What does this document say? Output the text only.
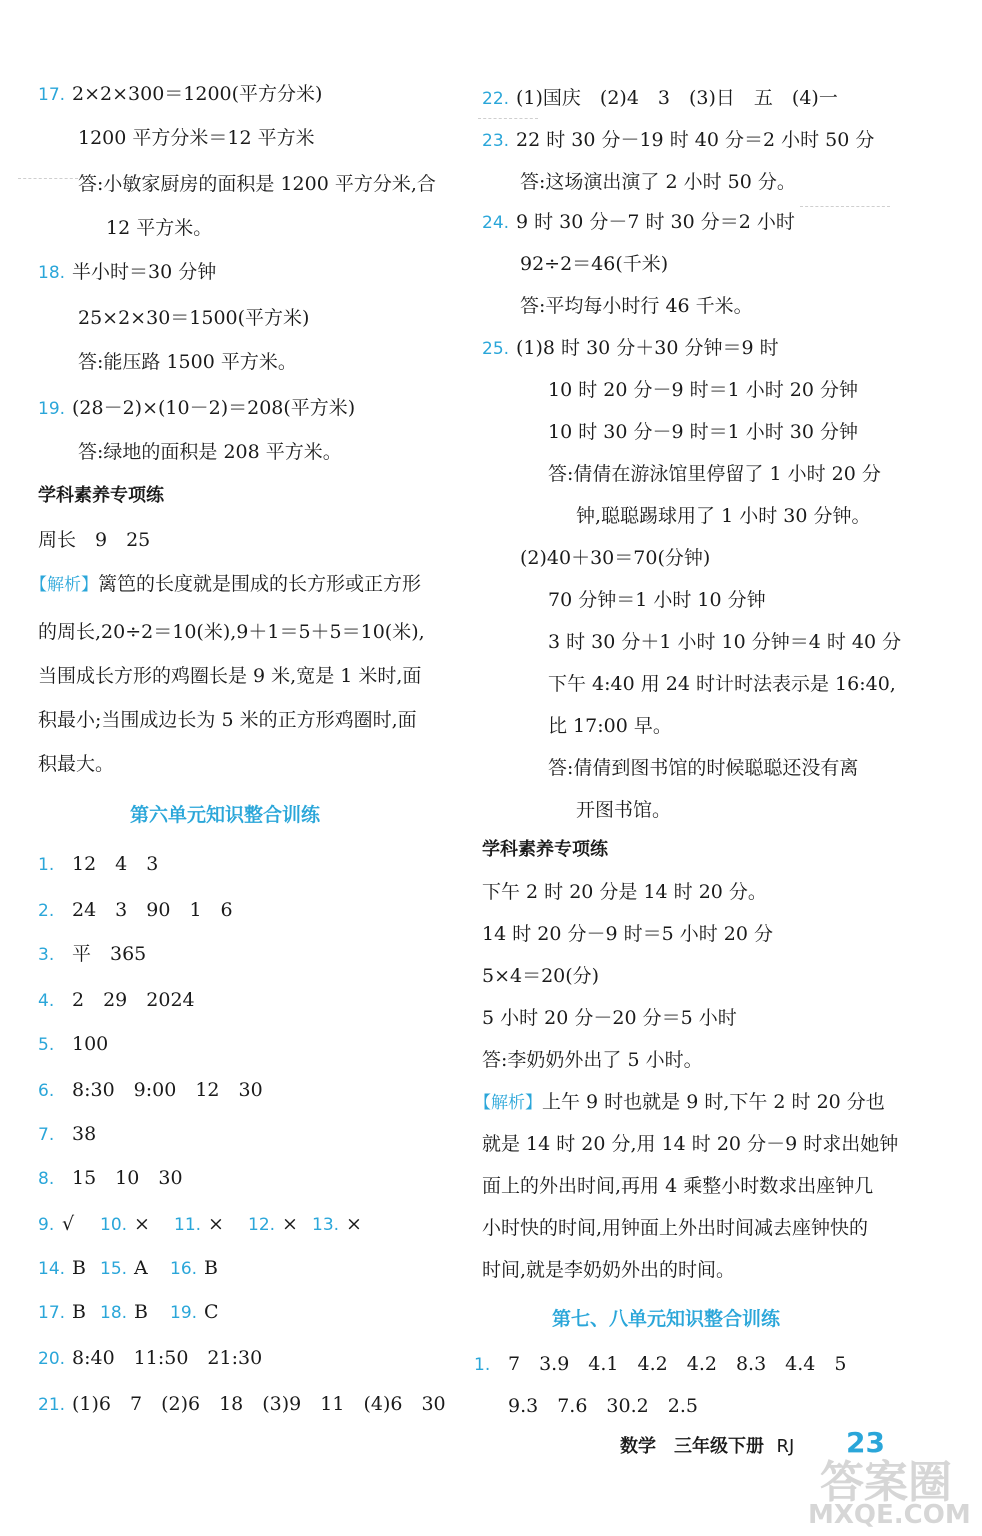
17. 2×2×300＝1200(平方分米)
1200 平方分米＝12 平方米
答:小敏家厨房的面积是 1200 平方分米,合
12 平方米。
18. 半小时＝30 分钟
25×2×30＝1500(平方米)
答:能压路 1500 平方米。
19. (28－2)×(10－2)＝208(平方米)
答:绿地的面积是 208 平方米。
学科素养专项练
周长　9　25
【解析】篱笆的长度就是围成的长方形或正方形
的周长,20÷2＝10(米),9＋1＝5＋5＝10(米),
当围成长方形的鸡圈长是 9 米,宽是 1 米时,面
积最小;当围成边长为 5 米的正方形鸡圈时,面
积最大。
第六单元知识整合训练
1. 12　4　3
2. 24　3　90　1　6
3. 平　365
4. 2　29　2024
5. 100
6. 8:30　9:00　12　30
7. 38
8. 15　10　30
9. √ 10. × 11. × 12. × 13. ×
14. B 15. A 16. B
17. B 18. B 19. C
20. 8:40　11:50　21:30
21. (1)6　7　(2)6　18　(3)9　11　(4)6　30
22. (1)国庆　(2)4　3　(3)日　五　(4)一
23. 22 时 30 分－19 时 40 分＝2 小时 50 分
答:这场演出演了 2 小时 50 分。
24. 9 时 30 分－7 时 30 分＝2 小时
92÷2＝46(千米)
答:平均每小时行 46 千米。
25. (1)8 时 30 分＋30 分钟＝9 时
10 时 20 分－9 时＝1 小时 20 分钟
10 时 30 分－9 时＝1 小时 30 分钟
答:倩倩在游泳馆里停留了 1 小时 20 分
钟,聪聪踢球用了 1 小时 30 分钟。
(2)40＋30＝70(分钟)
70 分钟＝1 小时 10 分钟
3 时 30 分＋1 小时 10 分钟＝4 时 40 分
下午 4:40 用 24 时计时法表示是 16:40,
比 17:00 早。
答:倩倩到图书馆的时候聪聪还没有离
开图书馆。
学科素养专项练
下午 2 时 20 分是 14 时 20 分。
14 时 20 分－9 时＝5 小时 20 分
5×4＝20(分)
5 小时 20 分－20 分＝5 小时
答:李奶奶外出了 5 小时。
【解析】上午 9 时也就是 9 时,下午 2 时 20 分也
就是 14 时 20 分,用 14 时 20 分－9 时求出她钟
面上的外出时间,再用 4 乘整小时数求出座钟几
小时快的时间,用钟面上外出时间减去座钟快的
时间,就是李奶奶外出的时间。
第七、八单元知识整合训练
1. 7　3.9　4.1　4.2　4.2　8.3　4.4　5
9.3　7.6　30.2　2.5
数学　三年级下册 RJ 23
答案圈
MXQE.COM
